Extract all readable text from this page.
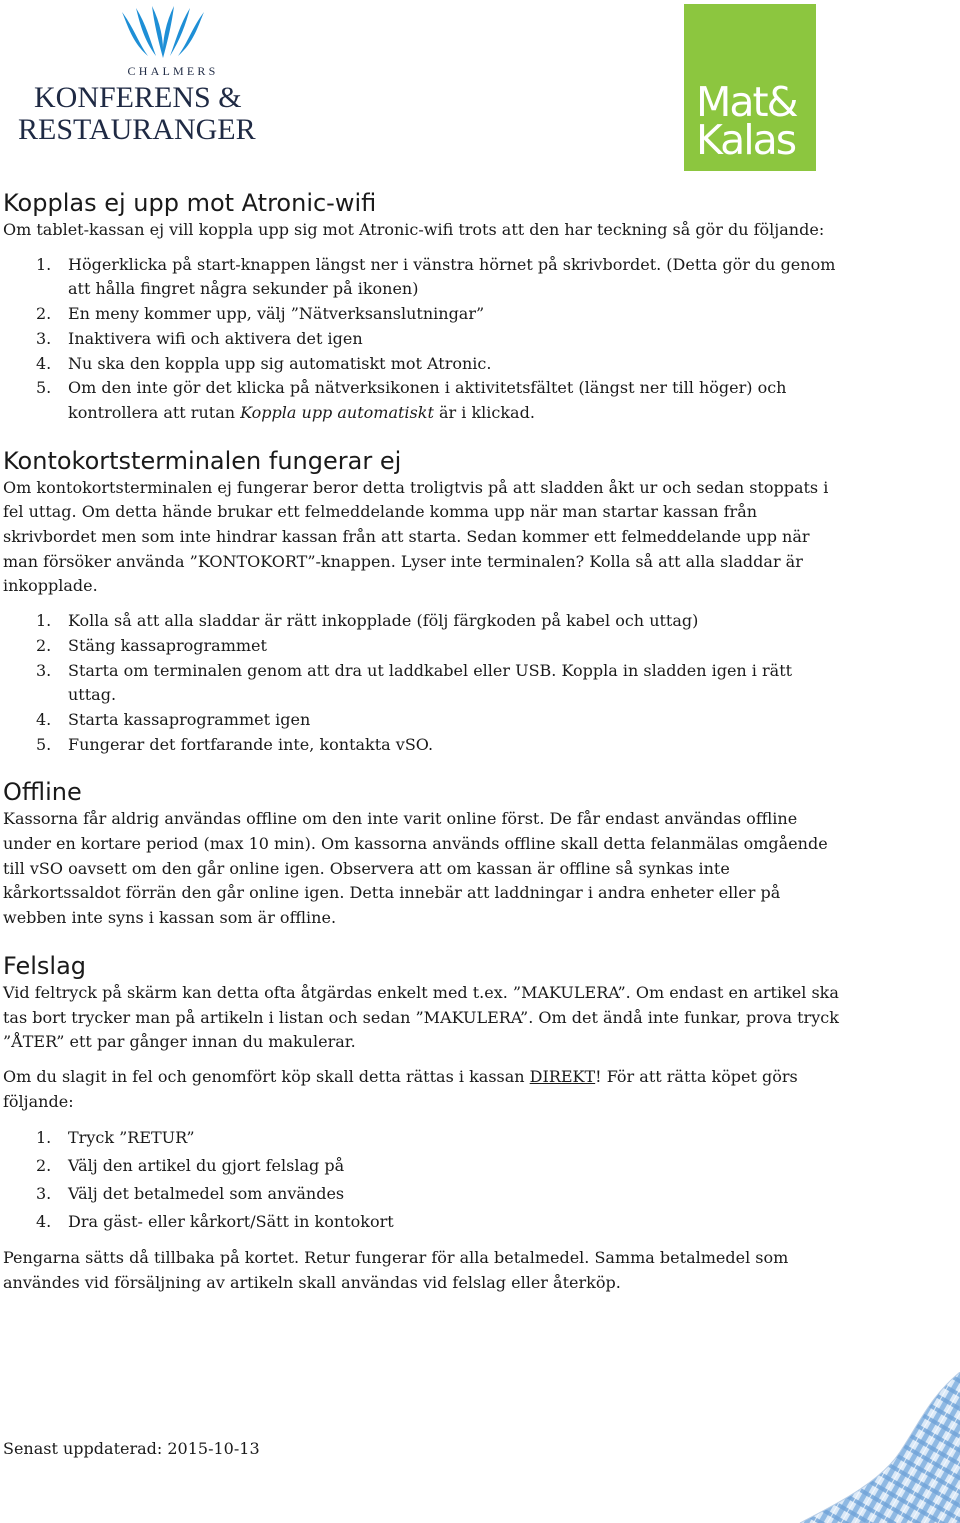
CHALMERS
KONFERENS &
RESTAURANGER
Mat&
Kalas
Kopplas ej upp mot Atronic-wifi

Om tablet-kassan ej vill koppla upp sig mot Atronic-wifi trots att den har teckning så gör du följande:

1. Högerklicka på start-knappen längst ner i vänstra hörnet på skrivbordet. (Detta gör du genom att hålla fingret några sekunder på ikonen)
2. En meny kommer upp, välj ”Nätverksanslutningar”
3. Inaktivera wifi och aktivera det igen
4. Nu ska den koppla upp sig automatiskt mot Atronic.
5. Om den inte gör det klicka på nätverksikonen i aktivitetsfältet (längst ner till höger) och kontrollera att rutan Koppla upp automatiskt är i klickad.
Kontokortsterminalen fungerar ej

Om kontokortsterminalen ej fungerar beror detta troligtvis på att sladden åkt ur och sedan stoppats i fel uttag. Om detta hände brukar ett felmeddelande komma upp när man startar kassan från skrivbordet men som inte hindrar kassan från att starta. Sedan kommer ett felmeddelande upp när man försöker använda ”KONTOKORT”-knappen. Lyser inte terminalen? Kolla så att alla sladdar är inkopplade.

1. Kolla så att alla sladdar är rätt inkopplade (följ färgkoden på kabel och uttag)
2. Stäng kassaprogrammet
3. Starta om terminalen genom att dra ut laddkabel eller USB. Koppla in sladden igen i rätt uttag.
4. Starta kassaprogrammet igen
5. Fungerar det fortfarande inte, kontakta vSO.
Offline

Kassorna får aldrig användas offline om den inte varit online först. De får endast användas offline under en kortare period (max 10 min). Om kassorna används offline skall detta felanmälas omgående till vSO oavsett om den går online igen. Observera att om kassan är offline så synkas inte kårkortssaldot förrän den går online igen. Detta innebär att laddningar i andra enheter eller på webben inte syns i kassan som är offline.

Felslag

Vid feltryck på skärm kan detta ofta åtgärdas enkelt med t.ex. ”MAKULERA”. Om endast en artikel ska tas bort trycker man på artikeln i listan och sedan ”MAKULERA”. Om det ändå inte funkar, prova tryck ”ÅTER” ett par gånger innan du makulerar.

Om du slagit in fel och genomfört köp skall detta rättas i kassan DIREKT! För att rätta köpet görs följande:

1. Tryck ”RETUR”
2. Välj den artikel du gjort felslag på
3. Välj det betalmedel som användes
4. Dra gäst- eller kårkort/Sätt in kontokort

Pengarna sätts då tillbaka på kortet. Retur fungerar för alla betalmedel. Samma betalmedel som användes vid försäljning av artikeln skall användas vid felslag eller återköp.

Senast uppdaterad: 2015-10-13
